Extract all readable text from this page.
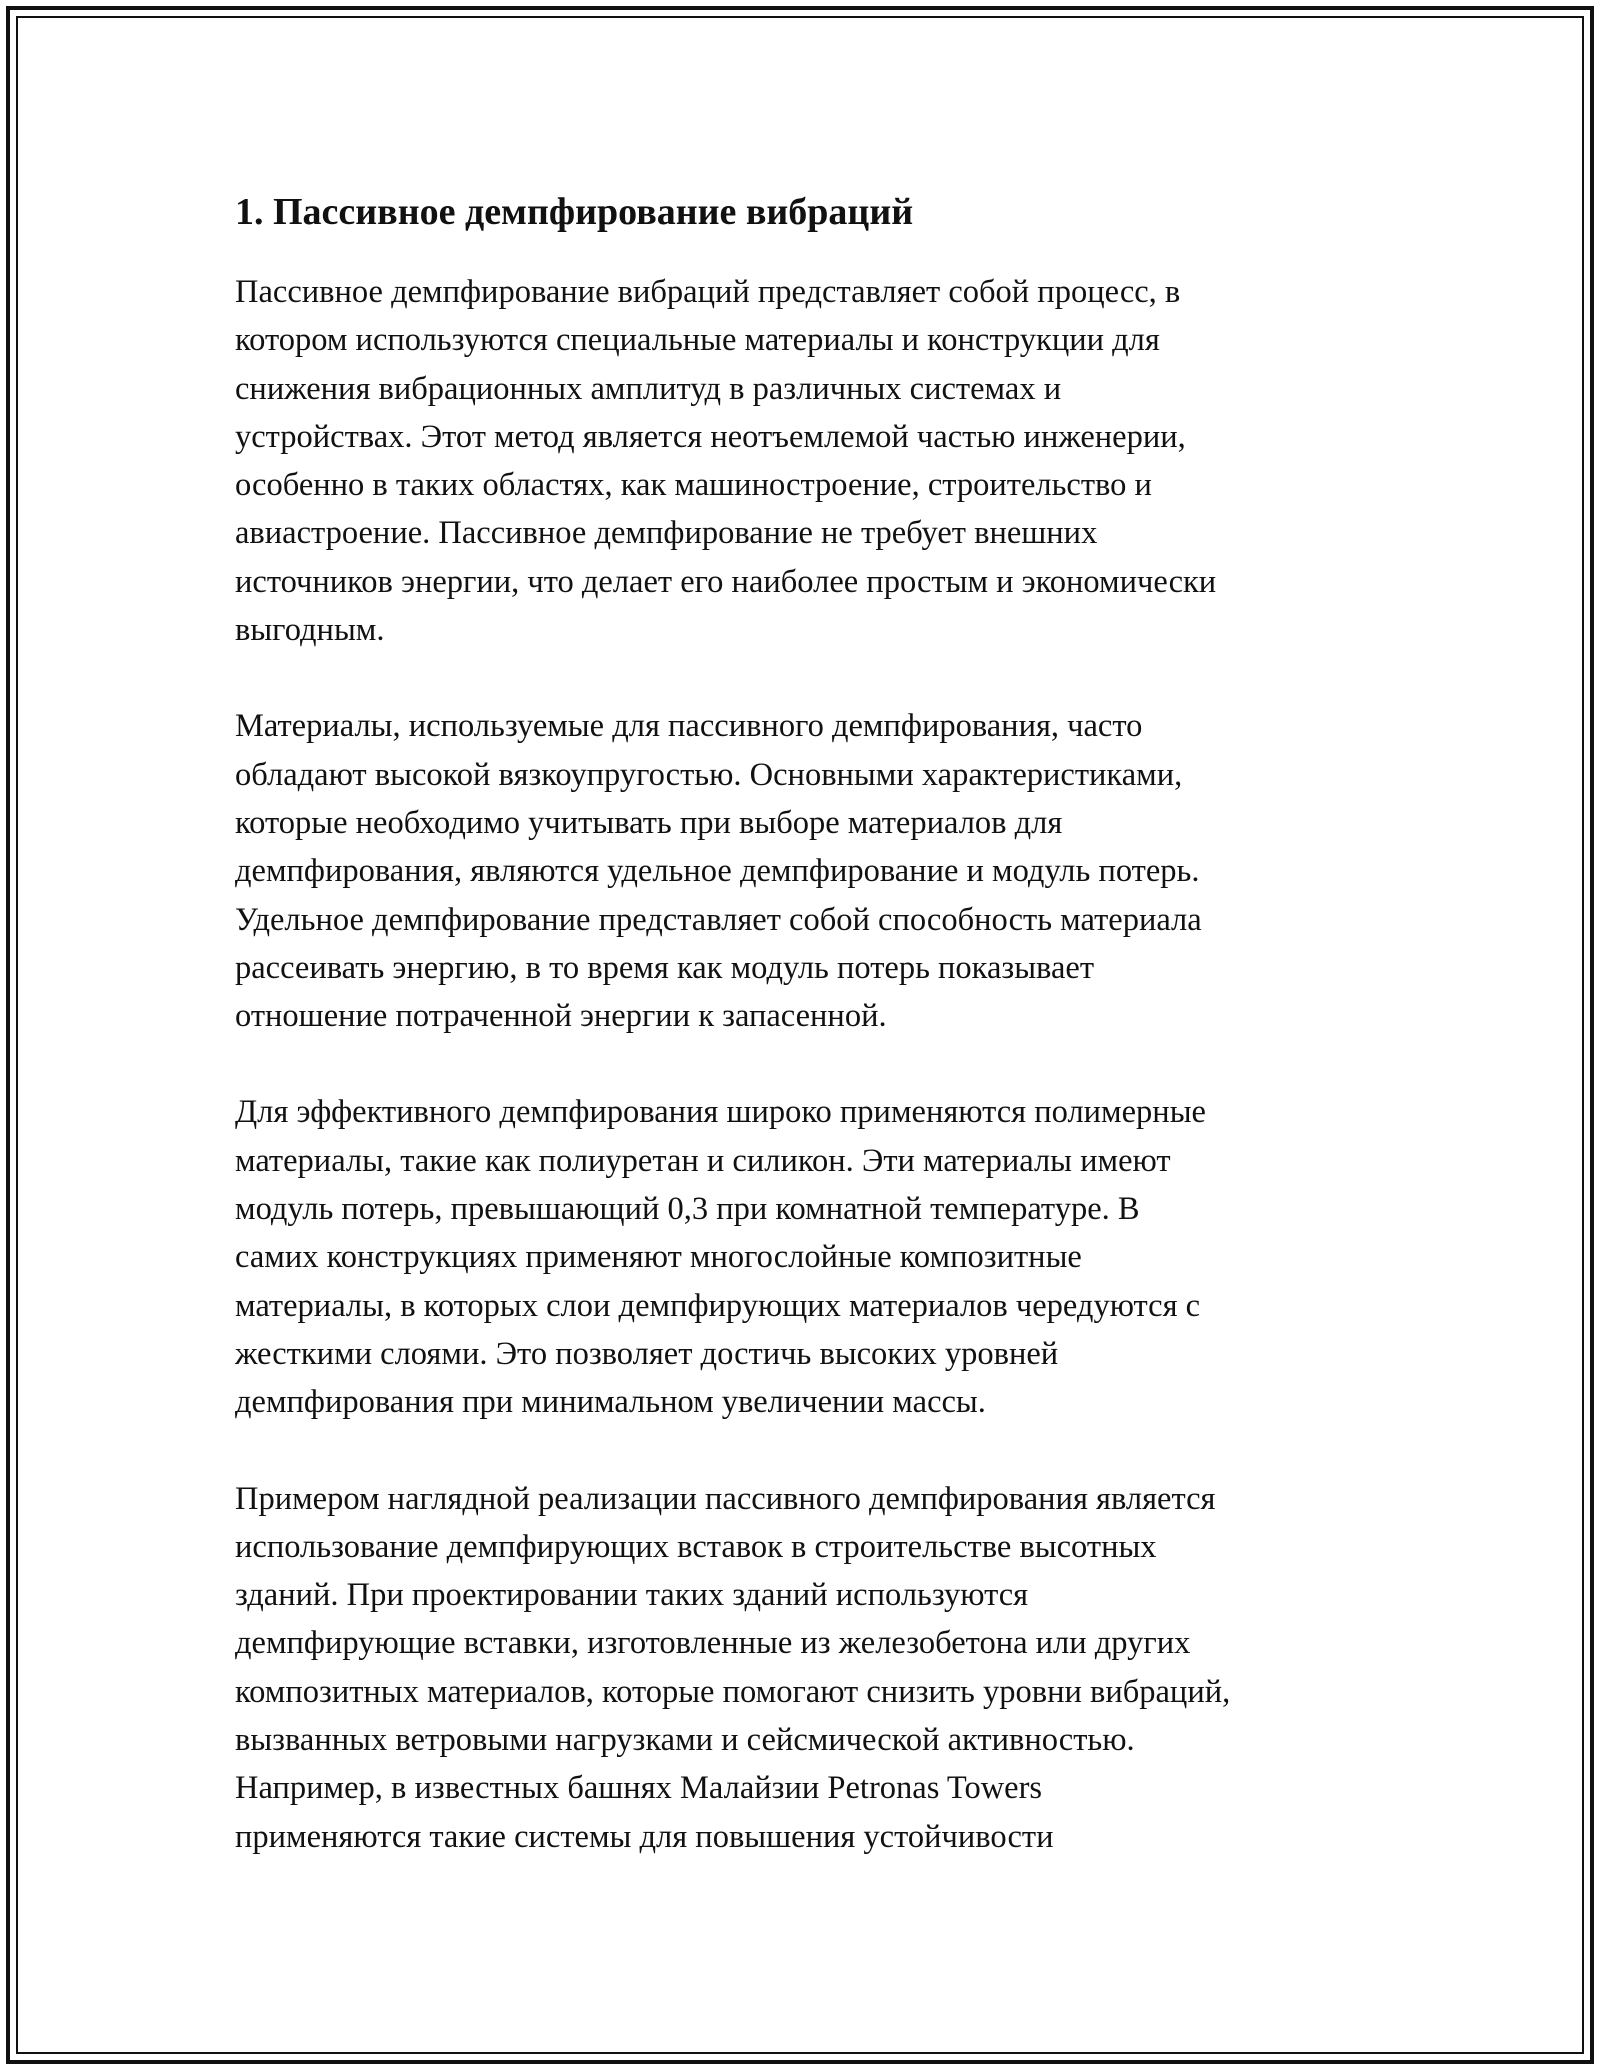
1. Пассивное демпфирование вибраций

Пассивное демпфирование вибраций представляет собой процесс, в
котором используются специальные материалы и конструкции для
снижения вибрационных амплитуд в различных системах и
устройствах. Этот метод является неотъемлемой частью инженерии,
особенно в таких областях, как машиностроение, строительство и
авиастроение. Пассивное демпфирование не требует внешних
источников энергии, что делает его наиболее простым и экономически
выгодным.

Материалы, используемые для пассивного демпфирования, часто
обладают высокой вязкоупругостью. Основными характеристиками,
которые необходимо учитывать при выборе материалов для
демпфирования, являются удельное демпфирование и модуль потерь.
Удельное демпфирование представляет собой способность материала
рассеивать энергию, в то время как модуль потерь показывает
отношение потраченной энергии к запасенной.

Для эффективного демпфирования широко применяются полимерные
материалы, такие как полиуретан и силикон. Эти материалы имеют
модуль потерь, превышающий 0,3 при комнатной температуре. В
самих конструкциях применяют многослойные композитные
материалы, в которых слои демпфирующих материалов чередуются с
жесткими слоями. Это позволяет достичь высоких уровней
демпфирования при минимальном увеличении массы.

Примером наглядной реализации пассивного демпфирования является
использование демпфирующих вставок в строительстве высотных
зданий. При проектировании таких зданий используются
демпфирующие вставки, изготовленные из железобетона или других
композитных материалов, которые помогают снизить уровни вибраций,
вызванных ветровыми нагрузками и сейсмической активностью.
Например, в известных башнях Малайзии Petronas Towers
применяются такие системы для повышения устойчивости
